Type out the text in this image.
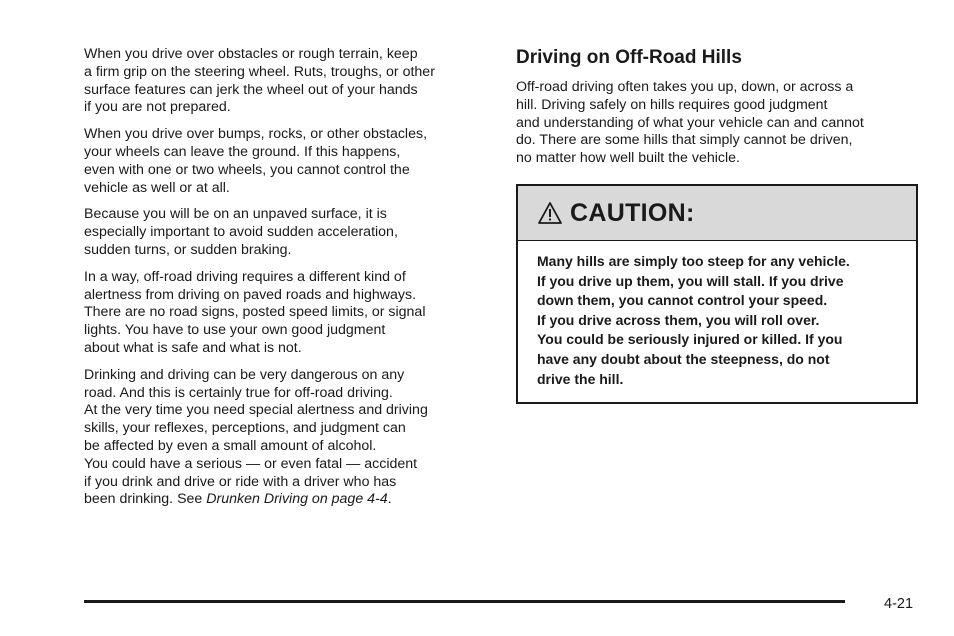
When you drive over obstacles or rough terrain, keep
a firm grip on the steering wheel. Ruts, troughs, or other
surface features can jerk the wheel out of your hands
if you are not prepared.

When you drive over bumps, rocks, or other obstacles,
your wheels can leave the ground. If this happens,
even with one or two wheels, you cannot control the
vehicle as well or at all.

Because you will be on an unpaved surface, it is
especially important to avoid sudden acceleration,
sudden turns, or sudden braking.

In a way, off-road driving requires a different kind of
alertness from driving on paved roads and highways.
There are no road signs, posted speed limits, or signal
lights. You have to use your own good judgment
about what is safe and what is not.

Drinking and driving can be very dangerous on any
road. And this is certainly true for off-road driving.
At the very time you need special alertness and driving
skills, your reflexes, perceptions, and judgment can
be affected by even a small amount of alcohol.
You could have a serious — or even fatal — accident
if you drink and drive or ride with a driver who has
been drinking. See Drunken Driving on page 4-4.

Driving on Off-Road Hills

Off-road driving often takes you up, down, or across a
hill. Driving safely on hills requires good judgment
and understanding of what your vehicle can and cannot
do. There are some hills that simply cannot be driven,
no matter how well built the vehicle.

CAUTION:
Many hills are simply too steep for any vehicle.
If you drive up them, you will stall. If you drive
down them, you cannot control your speed.
If you drive across them, you will roll over.
You could be seriously injured or killed. If you
have any doubt about the steepness, do not
drive the hill.
4-21
